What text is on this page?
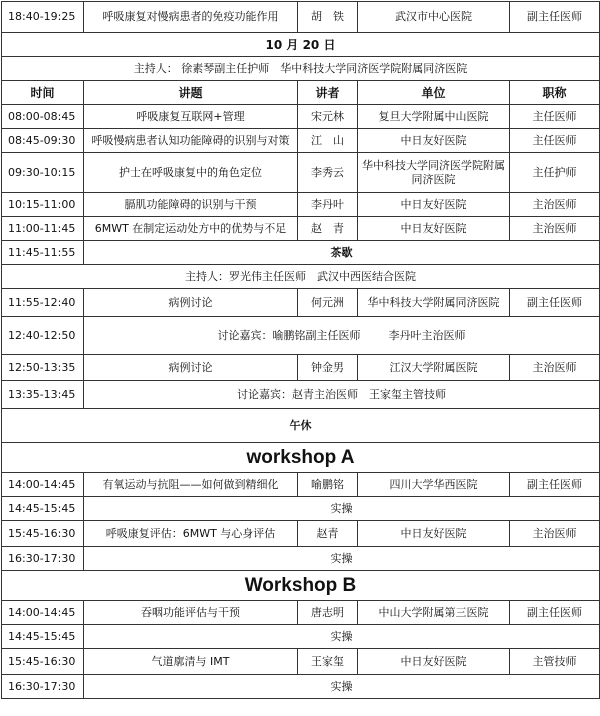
18:40-19:25	呼吸康复对慢病患者的免疫功能作用	胡　铁	武汉市中心医院	副主任医师
10 月 20 日				
主持人： 徐素琴副主任护师　华中科技大学同济医学院附属同济医院				
时间	讲题	讲者	单位	职称
08:00-08:45	呼吸康复互联网+管理	宋元林	复旦大学附属中山医院	主任医师
08:45-09:30	呼吸慢病患者认知功能障碍的识别与对策	江　山	中日友好医院	主任医师
09:30-10:15	护士在呼吸康复中的角色定位	李秀云	华中科技大学同济医学院附属同济医院	主任护师
10:15-11:00	膈肌功能障碍的识别与干预	李丹叶	中日友好医院	主治医师
11:00-11:45	6MWT 在制定运动处方中的优势与不足	赵　青	中日友好医院	主治医师
11:45-11:55	茶歇			
主持人：罗光伟主任医师　武汉中西医结合医院				
11:55-12:40	病例讨论	何元洲	华中科技大学附属同济医院	副主任医师
12:40-12:50	讨论嘉宾：喻鹏铭副主任医师 李丹叶主治医师			
12:50-13:35	病例讨论	钟金男	江汉大学附属医院	主治医师
13:35-13:45	讨论嘉宾：赵青主治医师　王家玺主管技师			
午休				
workshop A				
14:00-14:45	有氧运动与抗阻——如何做到精细化	喻鹏铭	四川大学华西医院	副主任医师
14:45-15:45	实操			
15:45-16:30	呼吸康复评估：6MWT 与心身评估	赵青	中日友好医院	主治医师
16:30-17:30	实操			
Workshop B				
14:00-14:45	吞咽功能评估与干预	唐志明	中山大学附属第三医院	副主任医师
14:45-15:45	实操			
15:45-16:30	气道廓清与 IMT	王家玺	中日友好医院	主管技师
16:30-17:30	实操			
